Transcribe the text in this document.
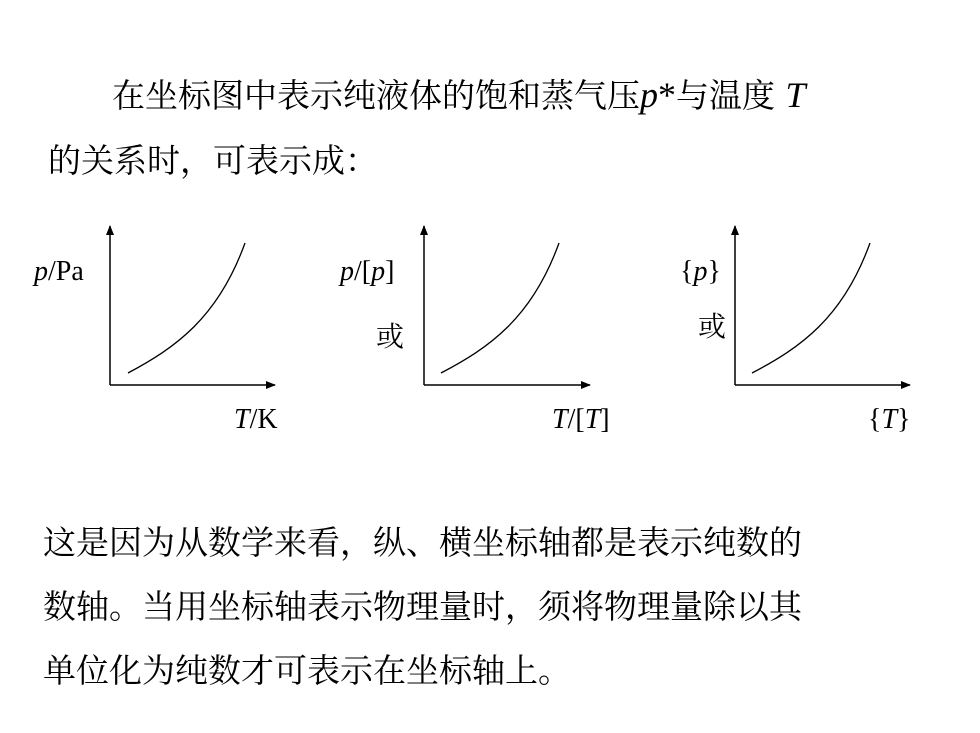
在坐标图中表示纯液体的饱和蒸气压p*与温度 T

的关系时，可表示成：

p/Pa
T/K
p/[p]
或
T/[T]
{p}
或
{T}

这是因为从数学来看，纵、横坐标轴都是表示纯数的

数轴。当用坐标轴表示物理量时，须将物理量除以其

单位化为纯数才可表示在坐标轴上。
